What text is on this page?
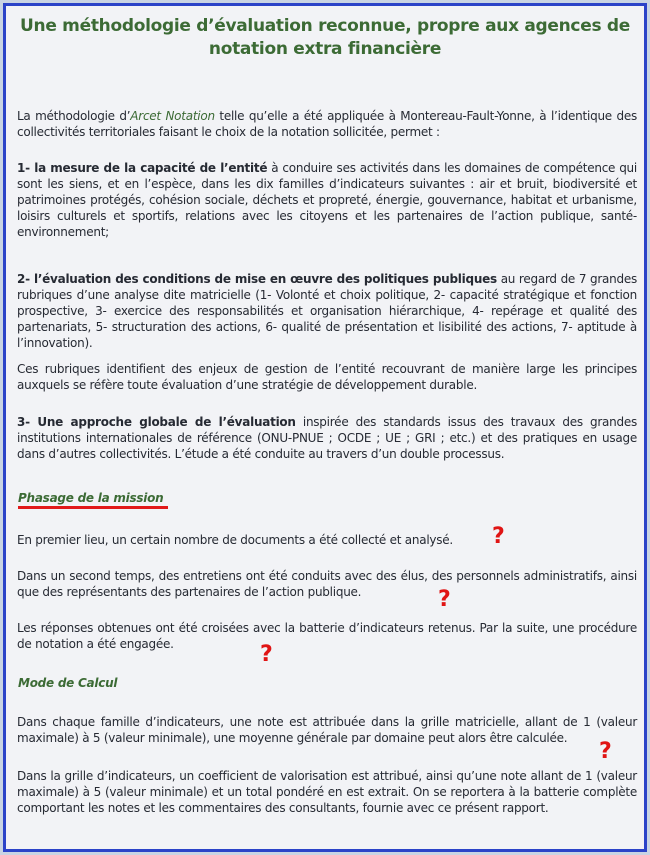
Une méthodologie d’évaluation reconnue, propre aux agences de notation extra financière
La méthodologie d’Arcet Notation telle qu’elle a été appliquée à Montereau-Fault-Yonne, à l’identique des collectivités territoriales faisant le choix de la notation sollicitée, permet :
1- la mesure de la capacité de l’entité à conduire ses activités dans les domaines de compétence qui sont les siens, et en l’espèce, dans les dix familles d’indicateurs suivantes : air et bruit, biodiversité et patrimoines protégés, cohésion sociale, déchets et propreté, énergie, gouvernance, habitat et urbanisme, loisirs culturels et sportifs, relations avec les citoyens et les partenaires de l’action publique, santé-environnement;
2- l’évaluation des conditions de mise en œuvre des politiques publiques au regard de 7 grandes rubriques d’une analyse dite matricielle (1- Volonté et choix politique, 2- capacité stratégique et fonction prospective, 3- exercice des responsabilités et organisation hiérarchique, 4- repérage et qualité des partenariats, 5- structuration des actions, 6- qualité de présentation et lisibilité des actions, 7- aptitude à l’innovation).
Ces rubriques identifient des enjeux de gestion de l’entité recouvrant de manière large les principes auxquels se réfère toute évaluation d’une stratégie de développement durable.
3- Une approche globale de l’évaluation inspirée des standards issus des travaux des grandes institutions internationales de référence (ONU-PNUE ; OCDE ; UE ; GRI ; etc.) et des pratiques en usage dans d’autres collectivités. L’étude a été conduite au travers d’un double processus.
Phasage de la mission
En premier lieu, un certain nombre de documents a été collecté et analysé.	?
Dans un second temps, des entretiens ont été conduits avec des élus, des personnels administratifs, ainsi que des représentants des partenaires de l’action publique.	?
Les réponses obtenues ont été croisées avec la batterie d’indicateurs retenus. Par la suite, une procédure de notation a été engagée.	?
Mode de Calcul
Dans chaque famille d’indicateurs, une note est attribuée dans la grille matricielle, allant de 1 (valeur maximale) à 5 (valeur minimale), une moyenne générale par domaine peut alors être calculée.
?
Dans la grille d’indicateurs, un coefficient de valorisation est attribué, ainsi qu’une note allant de 1 (valeur maximale) à 5 (valeur minimale) et un total pondéré en est extrait. On se reportera à la batterie complète comportant les notes et les commentaires des consultants, fournie avec ce présent rapport.
